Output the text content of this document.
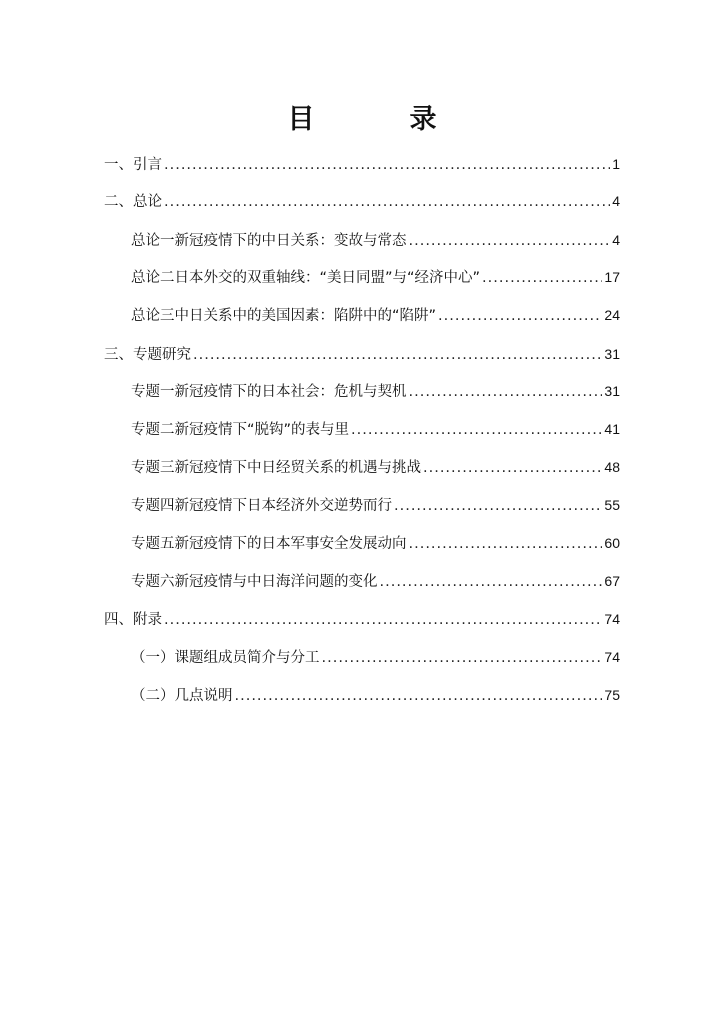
目　录
一、 引言 .....	1
二、 总论 .....	4
总论一 新冠疫情下的中日关系：变故与常态 .....	4
总论二 日本外交的双重轴线：“美日同盟”与“经济中心” .....	17
总论三 中日关系中的美国因素：陷阱中的“陷阱” .....	24
三、 专题研究 .....	31
专题一 新冠疫情下的日本社会：危机与契机 .....	31
专题二 新冠疫情下“脱钩”的表与里 .....	41
专题三 新冠疫情下中日经贸关系的机遇与挑战 .....	48
专题四 新冠疫情下日本经济外交逆势而行 .....	55
专题五 新冠疫情下的日本军事安全发展动向 .....	60
专题六 新冠疫情与中日海洋问题的变化 .....	67
四、 附录 .....	74
（一）课题组成员简介与分工 .....	74
（二）几点说明 .....	75
